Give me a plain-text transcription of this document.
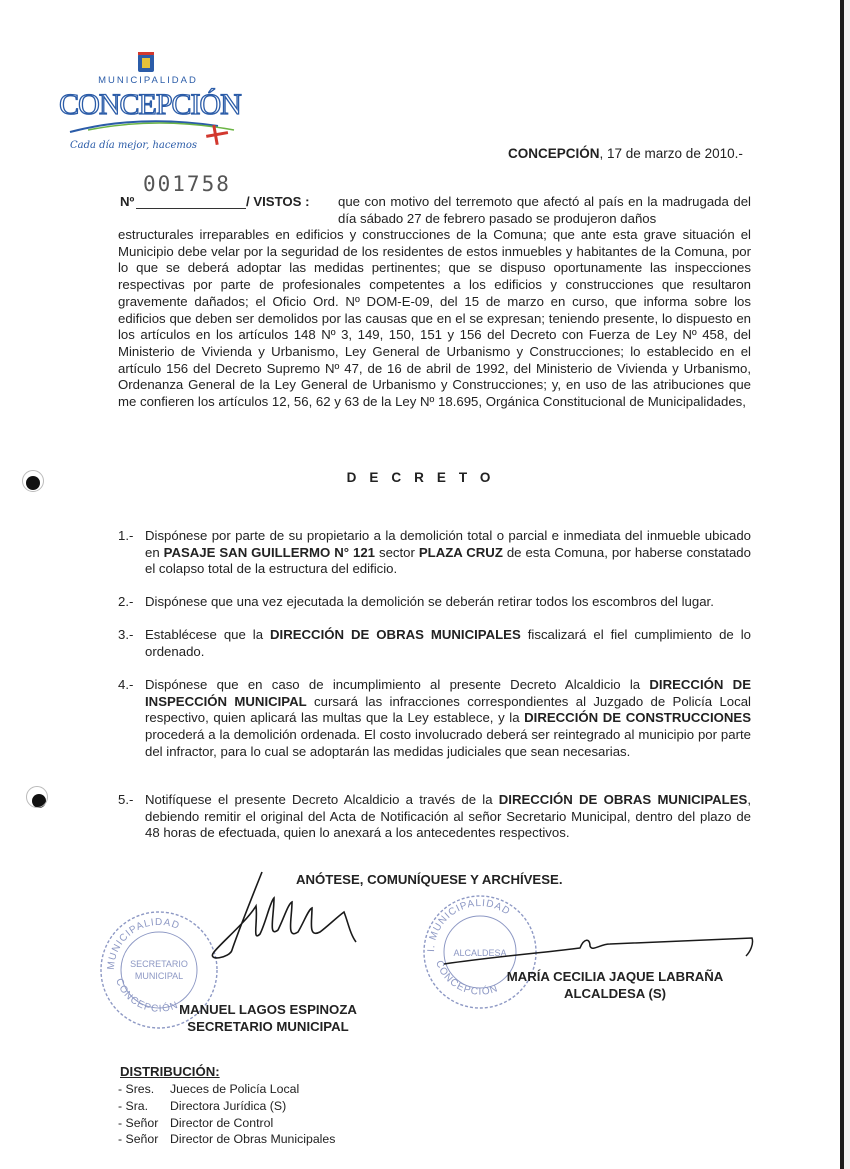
MUNICIPALIDAD
CONCEPCIÓN
Cada día mejor, hacemos
CONCEPCIÓN, 17 de marzo de 2010.-
001758
Nº	/ VISTOS : que con motivo del terremoto que afectó al país en la madrugada del día sábado 27 de febrero pasado se produjeron daños
estructurales irreparables en edificios y construcciones de la Comuna; que ante esta grave situación el Municipio debe velar por la seguridad de los residentes de estos inmuebles y habitantes de la Comuna, por lo que se deberá adoptar las medidas pertinentes; que se dispuso oportunamente las inspecciones respectivas por parte de profesionales competentes a los edificios y construcciones que resultaron gravemente dañados; el Oficio Ord. Nº DOM-E-09, del 15 de marzo en curso, que informa sobre los edificios que deben ser demolidos por las causas que en el se expresan; teniendo presente, lo dispuesto en los artículos en los artículos 148 Nº 3, 149, 150, 151 y 156 del Decreto con Fuerza de Ley Nº 458, del Ministerio de Vivienda y Urbanismo, Ley General de Urbanismo y Construcciones; lo establecido en el artículo 156 del Decreto Supremo Nº 47, de 16 de abril de 1992, del Ministerio de Vivienda y Urbanismo, Ordenanza General de la Ley General de Urbanismo y Construcciones; y, en uso de las atribuciones que me confieren los artículos 12, 56, 62 y 63 de la Ley Nº 18.695, Orgánica Constitucional de Municipalidades,
DECRETO
1.- Dispónese por parte de su propietario a la demolición total o parcial e inmediata del inmueble ubicado en PASAJE SAN GUILLERMO N° 121 sector PLAZA CRUZ de esta Comuna, por haberse constatado el colapso total de la estructura del edificio.
2.- Dispónese que una vez ejecutada la demolición se deberán retirar todos los escombros del lugar.
3.- Establécese que la DIRECCIÓN DE OBRAS MUNICIPALES fiscalizará el fiel cumplimiento de lo ordenado.
4.- Dispónese que en caso de incumplimiento al presente Decreto Alcaldicio la DIRECCIÓN DE INSPECCIÓN MUNICIPAL cursará las infracciones correspondientes al Juzgado de Policía Local respectivo, quien aplicará las multas que la Ley establece, y la DIRECCIÓN DE CONSTRUCCIONES procederá a la demolición ordenada. El costo involucrado deberá ser reintegrado al municipio por parte del infractor, para lo cual se adoptarán las medidas judiciales que sean necesarias.
5.- Notifíquese el presente Decreto Alcaldicio a través de la DIRECCIÓN DE OBRAS MUNICIPALES, debiendo remitir el original del Acta de Notificación al señor Secretario Municipal, dentro del plazo de 48 horas de efectuada, quien lo anexará a los antecedentes respectivos.
ANÓTESE, COMUNÍQUESE Y ARCHÍVESE.
MUNICIPALIDAD
CONCEPCIÓN
SECRETARIO
MUNICIPAL
MANUEL LAGOS ESPINOZA
SECRETARIO MUNICIPAL
I. MUNICIPALIDAD
CONCEPCIÓN
ALCALDESA
MARÍA CECILIA JAQUE LABRAÑA
ALCALDESA (S)
DISTRIBUCIÓN:
- Sres.	Jueces de Policía Local
- Sra.	Directora Jurídica (S)
- Señor Director de Control
- Señor Director de Obras Municipales
